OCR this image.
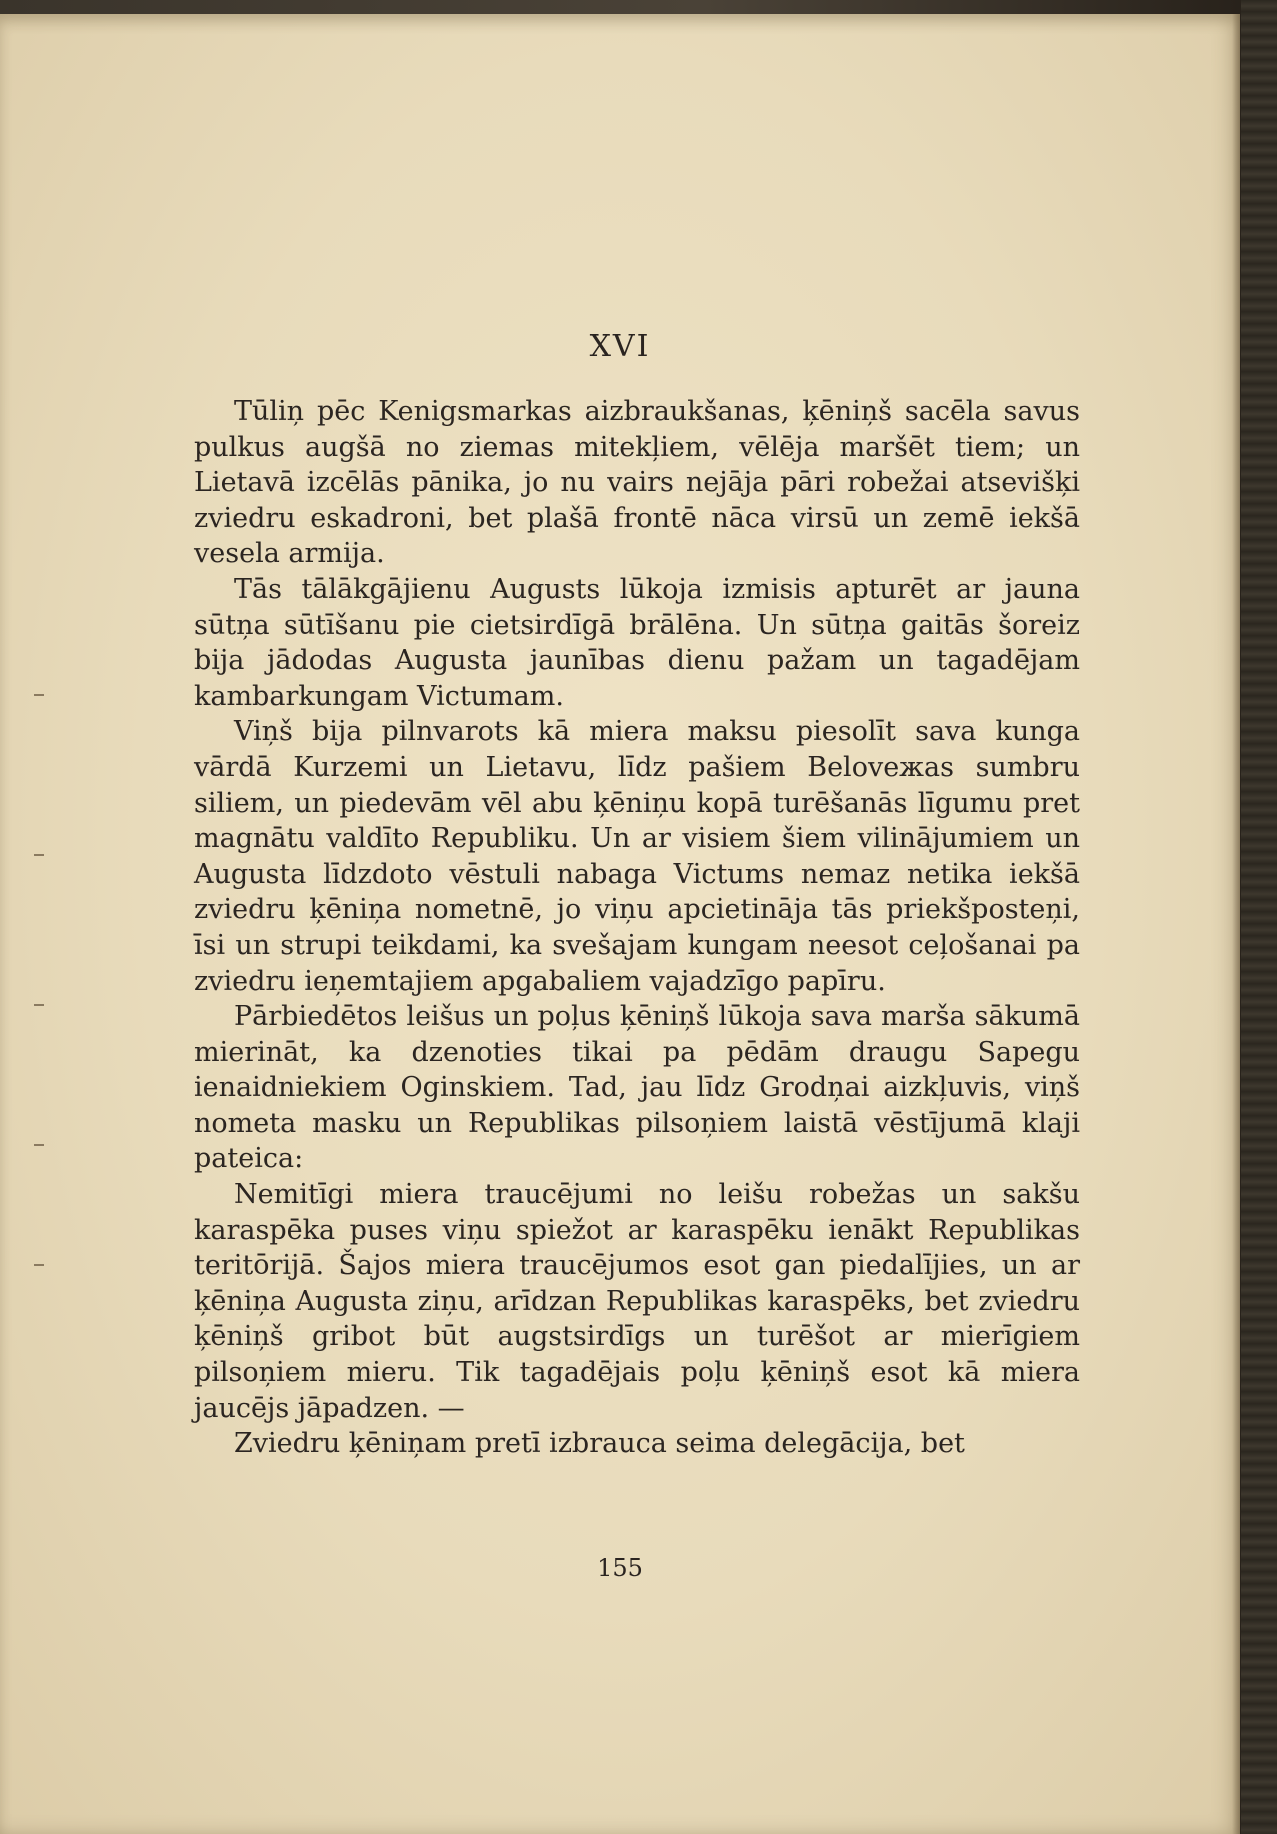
XVI

Tūliņ pēc Kenigsmarkas aizbraukšanas, ķēniņš sacēla savus pulkus augšā no ziemas mitekļiem, vēlēja maršēt tiem; un Lietavā izcēlās pānika, jo nu vairs nejāja pāri robežai atsevišķi zviedru eskadroni, bet plašā frontē nāca virsū un zemē iekšā vesela armija.

Tās tālākgājienu Augusts lūkoja izmisis apturēt ar jauna sūtņa sūtīšanu pie cietsirdīgā brālēna. Un sūtņa gaitās šoreiz bija jādodas Augusta jaunības dienu pažam un tagadējam kambarkungam Victumam.

Viņš bija pilnvarots kā miera maksu piesolīt sava kunga vārdā Kurzemi un Lietavu, līdz pašiem Beloveжas sumbru siliem, un piedevām vēl abu ķēniņu kopā turēšanās līgumu pret magnātu valdīto Republiku. Un ar visiem šiem vilinājumiem un Augusta līdzdoto vēstuli nabaga Victums nemaz netika iekšā zviedru ķēniņa nometnē, jo viņu apcietināja tās priekšposteņi, īsi un strupi teikdami, ka svešajam kungam neesot ceļošanai pa zviedru ieņemtajiem apgabaliem vajadzīgo papīru.

Pārbiedētos leišus un poļus ķēniņš lūkoja sava marša sākumā mierināt, ka dzenoties tikai pa pēdām draugu Sapegu ienaidniekiem Oginskiem. Tad, jau līdz Grodņai aizkļuvis, viņš nometa masku un Republikas pilsoņiem laistā vēstījumā klaji pateica:

Nemitīgi miera traucējumi no leišu robežas un sakšu karaspēka puses viņu spiežot ar karaspēku ienākt Republikas teritōrijā. Šajos miera traucējumos esot gan piedalījies, un ar ķēniņa Augusta ziņu, arīdzan Republikas karaspēks, bet zviedru ķēniņš gribot būt augstsirdīgs un turēšot ar mierīgiem pilsoņiem mieru. Tik tagadējais poļu ķēniņš esot kā miera jaucējs jāpadzen. —

Zviedru ķēniņam pretī izbrauca seima delegācija, bet

155
